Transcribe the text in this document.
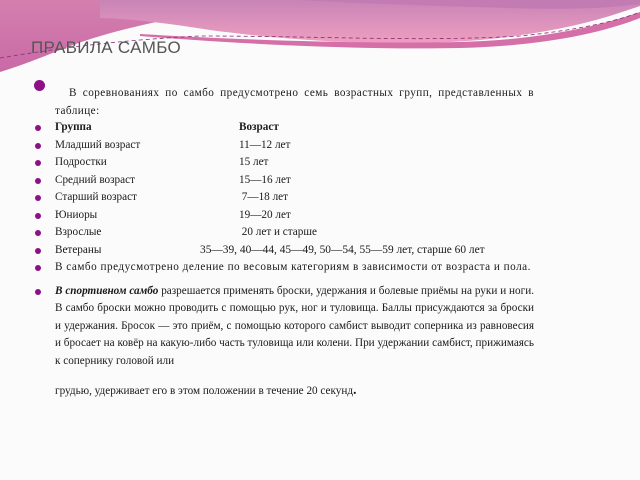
ПРАВИЛА САМБО
В соревнованиях по самбо предусмотрено семь возрастных групп, представленных в таблице:
Группа	Возраст
Младший возраст	11—12 лет
Подростки	15 лет
Средний возраст	15—16 лет
Старший возраст	7—18 лет
Юниоры	19—20 лет
Взрослые	20 лет и старше
Ветераны	35—39, 40—44, 45—49, 50—54, 55—59 лет, старше 60 лет
В самбо предусмотрено деление по весовым категориям в зависимости от возраста и пола.
В спортивном самбо разрешается применять броски, удержания и болевые приёмы на руки и ноги. В самбо броски можно проводить с помощью рук, ног и туловища. Баллы присуждаются за броски и удержания. Бросок — это приём, с помощью которого самбист выводит соперника из равновесия и бросает на ковёр на какую-либо часть туловища или колени. При удержании самбист, прижимаясь к сопернику головой или
грудью, удерживает его в этом положении в течение 20 секунд.
